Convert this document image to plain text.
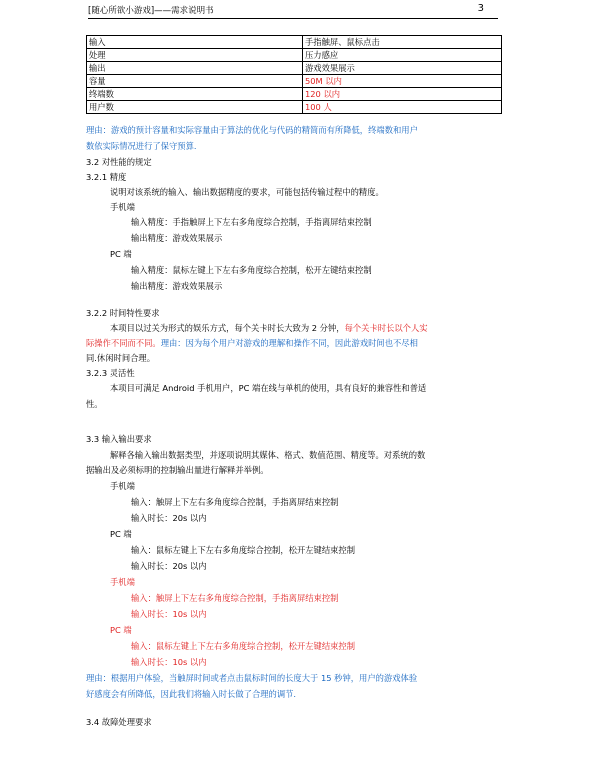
[随心所欲小游戏]——需求说明书	3
输入	手指触屏、鼠标点击
处理	压力感应
输出	游戏效果展示
容量	50M 以内
终端数	120 以内
用户数	100 人
理由：游戏的预计容量和实际容量由于算法的优化与代码的精简而有所降低，终端数和用户
数依实际情况进行了保守预算.
3.2 对性能的规定
3.2.1 精度
说明对该系统的输入、输出数据精度的要求，可能包括传输过程中的精度。
手机端
输入精度：手指触屏上下左右多角度综合控制，手指离屏结束控制
输出精度：游戏效果展示
PC 端
输入精度：鼠标左键上下左右多角度综合控制，松开左键结束控制
输出精度：游戏效果展示
3.2.2 时间特性要求
本项目以过关为形式的娱乐方式，每个关卡时长大致为 2 分钟，每个关卡时长以个人实
际操作不同而不同。理由：因为每个用户对游戏的理解和操作不同，因此游戏时间也不尽相
同.休闲时间合理。
3.2.3 灵活性
本项目可满足 Android 手机用户，PC 端在线与单机的使用，具有良好的兼容性和普适
性。
3.3 输入输出要求
解释各输入输出数据类型，并逐项说明其媒体、格式、数值范围、精度等。对系统的数
据输出及必须标明的控制输出量进行解释并举例。
手机端
输入：触屏上下左右多角度综合控制，手指离屏结束控制
输入时长：20s 以内
PC 端
输入：鼠标左键上下左右多角度综合控制，松开左键结束控制
输入时长：20s 以内
手机端
输入：触屏上下左右多角度综合控制，手指离屏结束控制
输入时长：10s 以内
PC 端
输入：鼠标左键上下左右多角度综合控制，松开左键结束控制
输入时长：10s 以内
理由：根据用户体验，当触屏时间或者点击鼠标时间的长度大于 15 秒钟，用户的游戏体验
好感度会有所降低，因此我们将输入时长做了合理的调节.
3.4 故障处理要求
